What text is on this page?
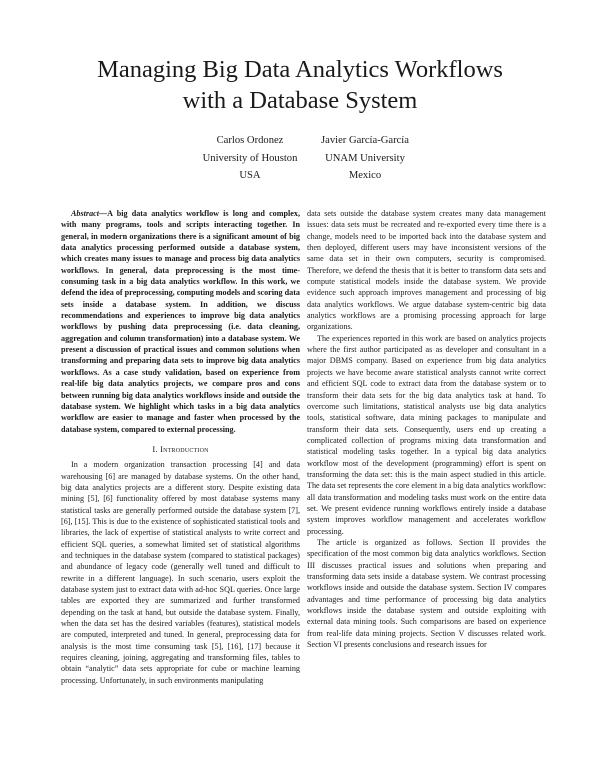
Managing Big Data Analytics Workflows
with a Database System
Carlos Ordonez
University of Houston
USA
Javier García-García
UNAM University
Mexico

Abstract—A big data analytics workflow is long and complex, with many programs, tools and scripts interacting together. In general, in modern organizations there is a significant amount of big data analytics processing performed outside a database system, which creates many issues to manage and process big data analytics workflows. In general, data preprocessing is the most time-consuming task in a big data analytics workflow. In this work, we defend the idea of preprocessing, computing models and scoring data sets inside a database system. In addition, we discuss recommendations and experiences to improve big data analytics workflows by pushing data preprocessing (i.e. data cleaning, aggregation and column transformation) into a database system. We present a discussion of practical issues and common solutions when transforming and preparing data sets to improve big data analytics workflows. As a case study validation, based on experience from real-life big data analytics projects, we compare pros and cons between running big data analytics workflows inside and outside the database system. We highlight which tasks in a big data analytics workflow are easier to manage and faster when processed by the database system, compared to external processing.

I. Introduction

In a modern organization transaction processing [4] and data warehousing [6] are managed by database systems. On the other hand, big data analytics projects are a different story. Despite existing data mining [5], [6] functionality offered by most database systems many statistical tasks are generally performed outside the database system [7], [6], [15]. This is due to the existence of sophisticated statistical tools and libraries, the lack of expertise of statistical analysts to write correct and efficient SQL queries, a somewhat limited set of statistical algorithms and techniques in the database system (compared to statistical packages) and abundance of legacy code (generally well tuned and difficult to rewrite in a different language). In such scenario, users exploit the database system just to extract data with ad-hoc SQL queries. Once large tables are exported they are summarized and further transformed depending on the task at hand, but outside the database system. Finally, when the data set has the desired variables (features), statistical models are computed, interpreted and tuned. In general, preprocessing data for analysis is the most time consuming task [5], [16], [17] because it requires cleaning, joining, aggregating and transforming files, tables to obtain “analytic” data sets appropriate for cube or machine learning processing. Unfortunately, in such environments manipulating

data sets outside the database system creates many data management issues: data sets must be recreated and re-exported every time there is a change, models need to be imported back into the database system and then deployed, different users may have inconsistent versions of the same data set in their own computers, security is compromised. Therefore, we defend the thesis that it is better to transform data sets and compute statistical models inside the database system. We provide evidence such approach improves management and processing of big data analytics workflows. We argue database system-centric big data analytics workflows are a promising processing approach for large organizations.

The experiences reported in this work are based on analytics projects where the first author participated as as developer and consultant in a major DBMS company. Based on experience from big data analytics projects we have become aware statistical analysts cannot write correct and efficient SQL code to extract data from the database system or to transform their data sets for the big data analytics task at hand. To overcome such limitations, statistical analysts use big data analytics tools, statistical software, data mining packages to manipulate and transform their data sets. Consequently, users end up creating a complicated collection of programs mixing data transformation and statistical modeling tasks together. In a typical big data analytics workflow most of the development (programming) effort is spent on transforming the data set: this is the main aspect studied in this article. The data set represents the core element in a big data analytics workflow: all data transformation and modeling tasks must work on the entire data set. We present evidence running workflows entirely inside a database system improves workflow management and accelerates workflow processing.

The article is organized as follows. Section II provides the specification of the most common big data analytics workflows. Section III discusses practical issues and solutions when preparing and transforming data sets inside a database system. We contrast processing workflows inside and outside the database system. Section IV compares advantages and time performance of processing big data analytics workflows inside the database system and outside exploiting with external data mining tools. Such comparisons are based on experience from real-life data mining projects. Section V discusses related work. Section VI presents conclusions and research issues for
